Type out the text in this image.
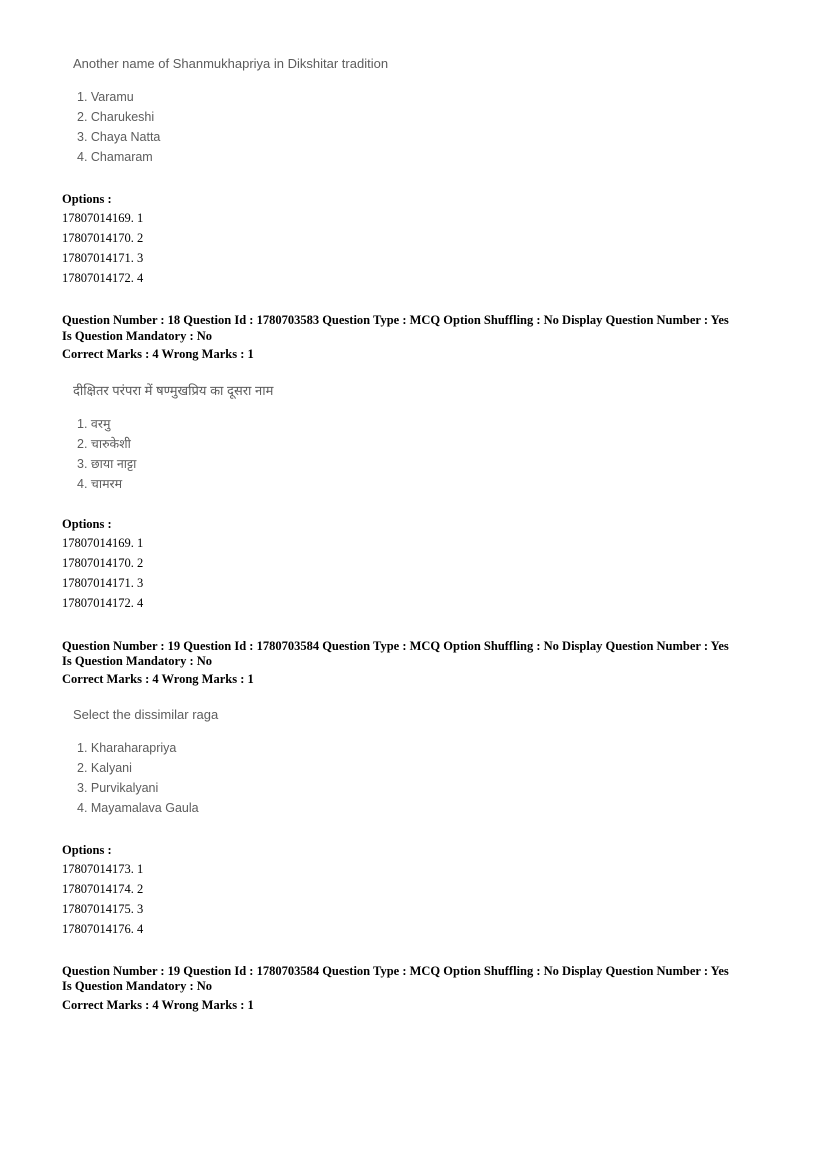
Another name of Shanmukhapriya in Dikshitar tradition
1. Varamu
2. Charukeshi
3. Chaya Natta
4. Chamaram
Options :
17807014169. 1
17807014170. 2
17807014171. 3
17807014172. 4
Question Number : 18 Question Id : 1780703583 Question Type : MCQ Option Shuffling : No Display Question Number : Yes
Is Question Mandatory : No
Correct Marks : 4 Wrong Marks : 1
दीक्षितर परंपरा में षण्मुखप्रिय का दूसरा नाम
1. वरमु
2. चारुकेशी
3. छाया नाट्टा
4. चामरम
Options :
17807014169. 1
17807014170. 2
17807014171. 3
17807014172. 4
Question Number : 19 Question Id : 1780703584 Question Type : MCQ Option Shuffling : No Display Question Number : Yes
Is Question Mandatory : No
Correct Marks : 4 Wrong Marks : 1
Select the dissimilar raga
1. Kharaharapriya
2. Kalyani
3. Purvikalyani
4. Mayamalava Gaula
Options :
17807014173. 1
17807014174. 2
17807014175. 3
17807014176. 4
Question Number : 19 Question Id : 1780703584 Question Type : MCQ Option Shuffling : No Display Question Number : Yes
Is Question Mandatory : No
Correct Marks : 4 Wrong Marks : 1
